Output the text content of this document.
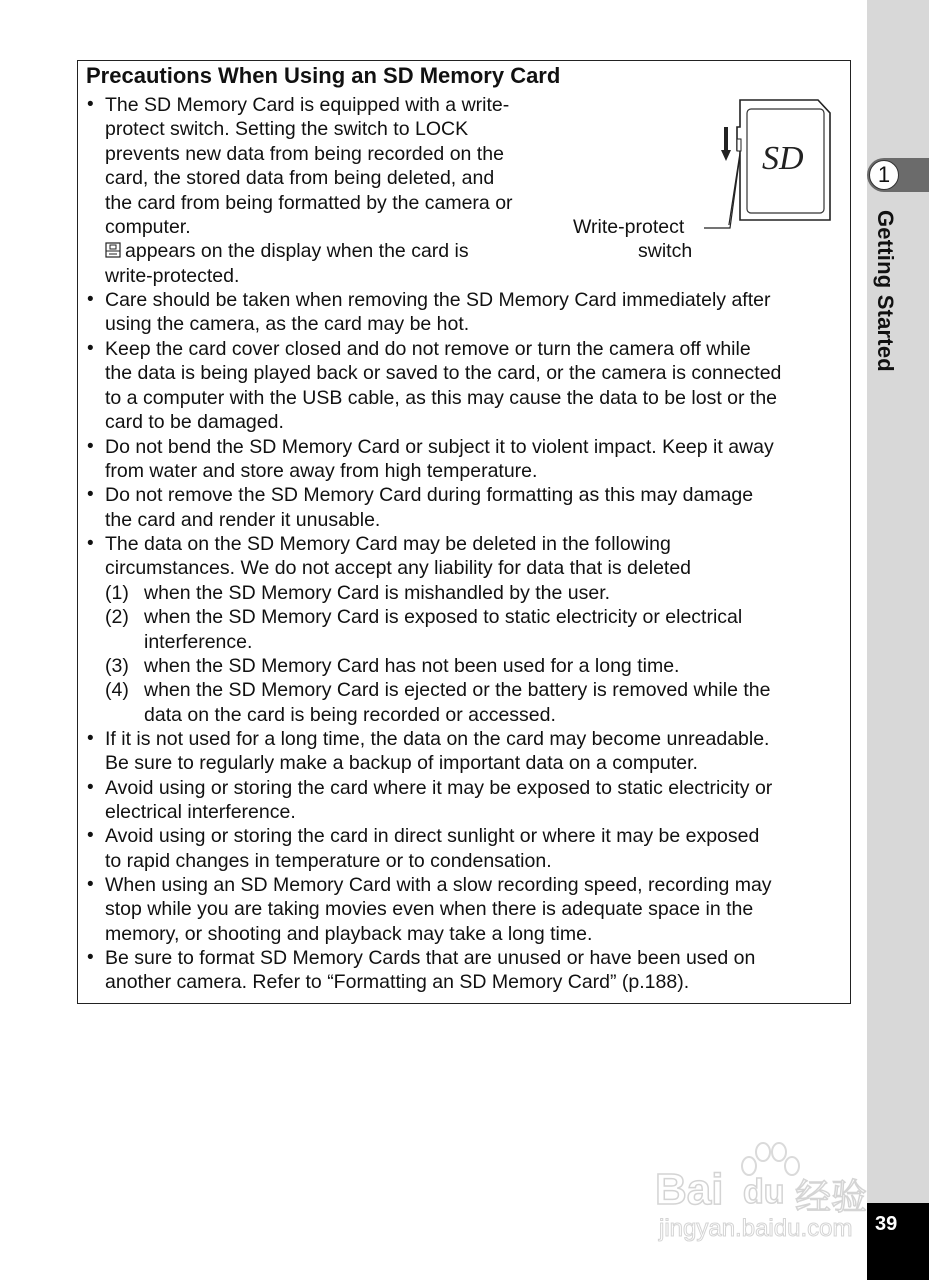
1
Getting Started
39
Precautions When Using an SD Memory Card
SD
Write-protect
switch
• The SD Memory Card is equipped with a write-
protect switch. Setting the switch to LOCK
prevents new data from being recorded on the
card, the stored data from being deleted, and
the card from being formatted by the camera or
computer.
appears on the display when the card is
write-protected.
• Care should be taken when removing the SD Memory Card immediately after
using the camera, as the card may be hot.
• Keep the card cover closed and do not remove or turn the camera off while
the data is being played back or saved to the card, or the camera is connected
to a computer with the USB cable, as this may cause the data to be lost or the
card to be damaged.
• Do not bend the SD Memory Card or subject it to violent impact. Keep it away
from water and store away from high temperature.
• Do not remove the SD Memory Card during formatting as this may damage
the card and render it unusable.
• The data on the SD Memory Card may be deleted in the following
circumstances. We do not accept any liability for data that is deleted
(1) when the SD Memory Card is mishandled by the user.
(2) when the SD Memory Card is exposed to static electricity or electrical
interference.
(3) when the SD Memory Card has not been used for a long time.
(4) when the SD Memory Card is ejected or the battery is removed while the
data on the card is being recorded or accessed.
• If it is not used for a long time, the data on the card may become unreadable.
Be sure to regularly make a backup of important data on a computer.
• Avoid using or storing the card where it may be exposed to static electricity or
electrical interference.
• Avoid using or storing the card in direct sunlight or where it may be exposed
to rapid changes in temperature or to condensation.
• When using an SD Memory Card with a slow recording speed, recording may
stop while you are taking movies even when there is adequate space in the
memory, or shooting and playback may take a long time.
• Be sure to format SD Memory Cards that are unused or have been used on
another camera. Refer to “Formatting an SD Memory Card” (p.188).
Bai du 经验
jingyan.baidu.com
